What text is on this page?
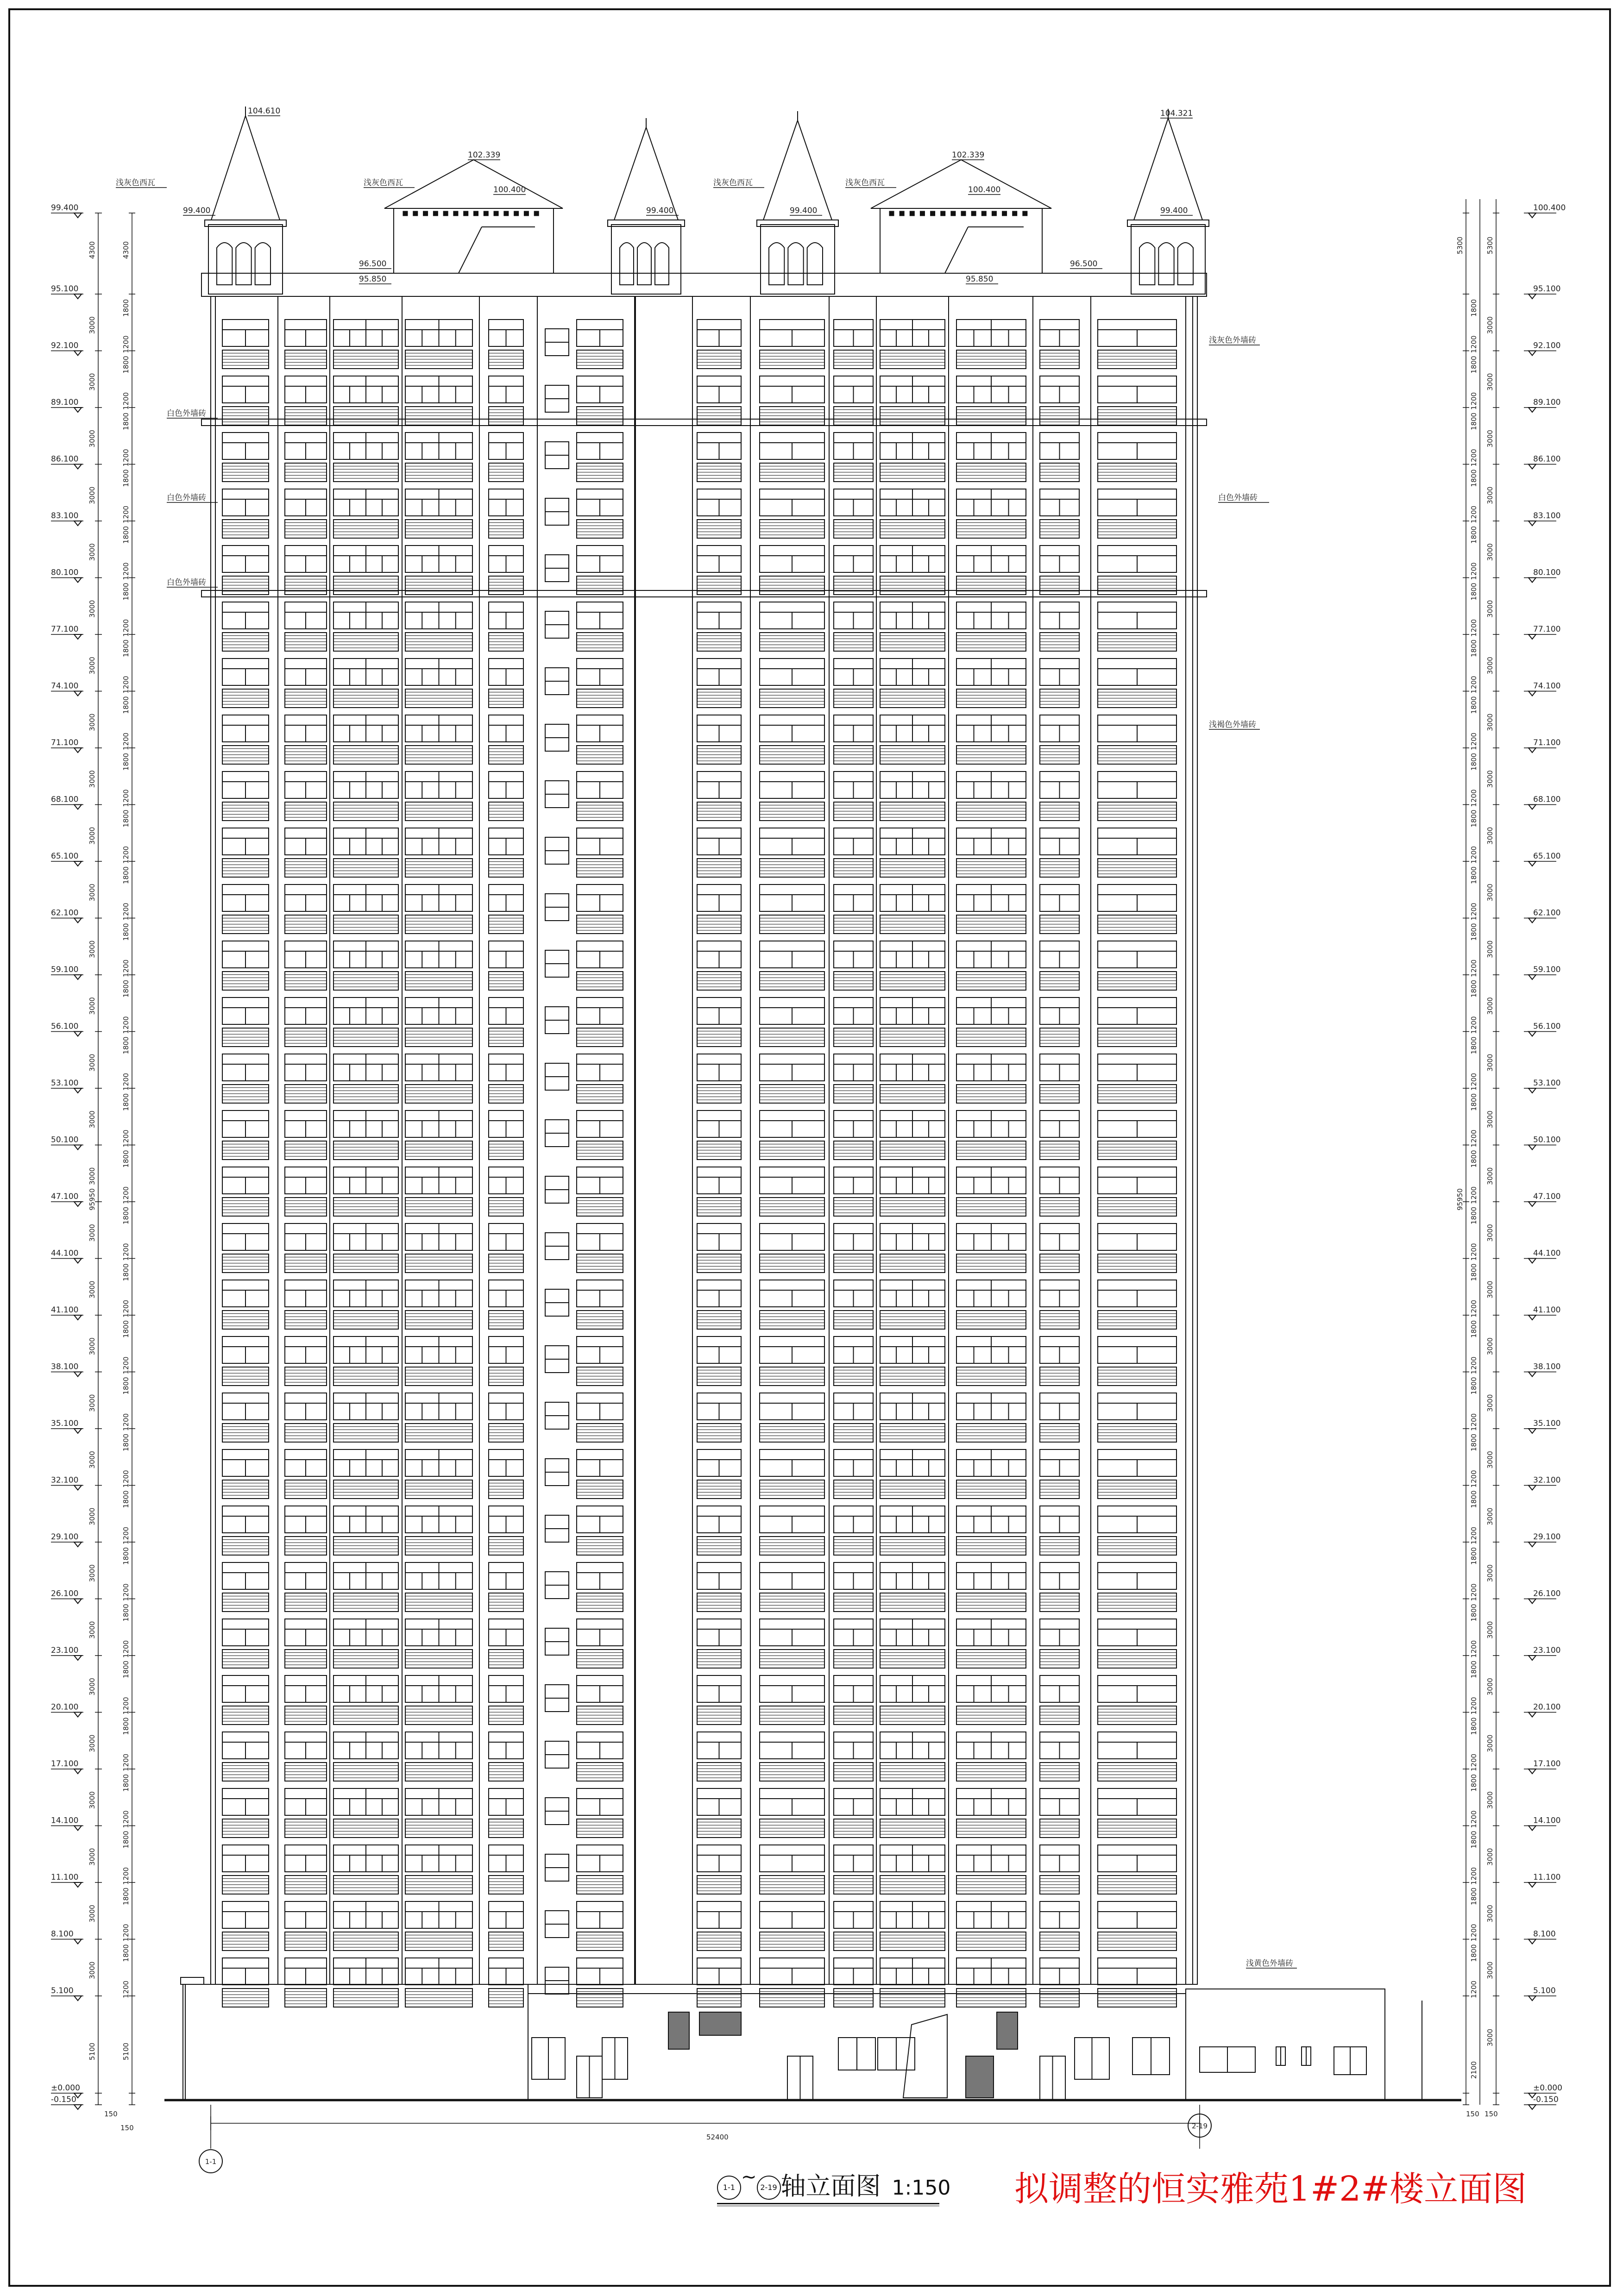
99.400	100.400
95.100	95.100
92.100	92.100
89.100	89.100
86.100	86.100
83.100	83.100
80.100	80.100
77.100	77.100
74.100	74.100
71.100	71.100
68.100	68.100
65.100	65.100
62.100	62.100
59.100	59.100
56.100	56.100
53.100	53.100
50.100	50.100
47.100	47.100
44.100	44.100
41.100	41.100
38.100	38.100
35.100	35.100
32.100	32.100
29.100	29.100
26.100	26.100
23.100	23.100
20.100	20.100
17.100	17.100
14.100	14.100
11.100	11.100
8.100	8.100
5.100	5.100
±0.000	±0.000
-0.150	-0.150
4300	4300	5300	5300
3000	3000
1800
1200
1800
1200
3000	3000
1800
1200
1800
1200
3000	3000
1800
1200
1800
1200
3000	3000
1800
1200
1800
1200
3000	3000
1800
1200
1800
1200
3000	3000
1800
1200
1800
1200
3000	3000
1800
1200
1800
1200
3000	3000
1800
1200
1800
1200
3000	3000
1800
1200
1800
1200
3000	3000
1800
1200
1800
1200
3000	3000
1800
1200
1800
1200
3000	3000
1800
1200
1800
1200
3000	3000
1800
1200
1800
1200
3000	3000
1800
1200
1800
1200
3000	3000
1800
1200
1800
1200
3000	3000
1800
1200
1800
1200
3000	3000
1800
1200
1800
1200
3000	3000
1800
1200
1800
1200
3000	3000
1800
1200
1800
1200
3000	3000
1800
1200
1800
1200
3000	3000
1800
1200
1800
1200
3000	3000
1800
1200
1800
1200
3000	3000
1800
1200
1800
1200
3000	3000
1800
1200
1800
1200
3000	3000
1800
1200
1800
1200
3000	3000
1800
1200
1800
1200
3000	3000
1800
1200
1800
1200
3000	3000
1800
1200
1800
1200
3000	3000
1800
1200
1800
1200
3000	3000
1800
1200
1800
1200
5100	5100
2100
3000
95950	95950
150
150
150 150
52400
1-1
2-19
104.610	104.321
102.339	102.339
100.400	100.400
99.400	99.400	99.400	99.400
96.500
95.850
96.500
95.850
浅灰色西瓦	浅灰色西瓦	浅灰色西瓦	浅灰色西瓦
浅灰色外墙砖
白色外墙砖
白色外墙砖	白色外墙砖
白色外墙砖
浅褐色外墙砖
浅黄色外墙砖
1-1 ~ 2-19 轴立面图 1:150 拟调整的恒实雅苑1#2#楼立面图
